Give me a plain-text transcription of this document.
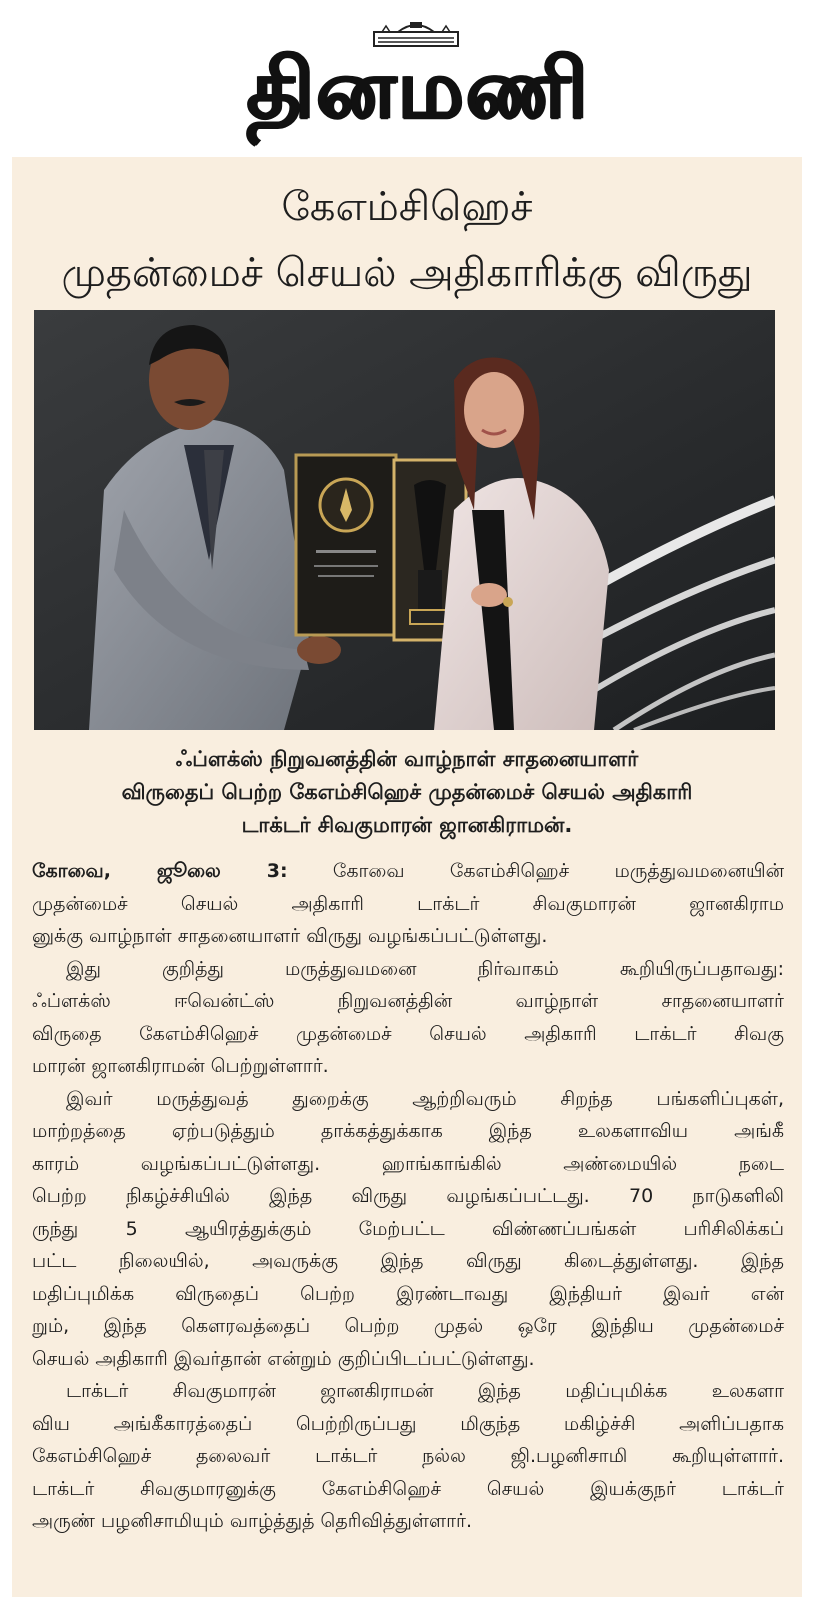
தினமணி
கேஎம்சிஹெச்
முதன்மைச் செயல் அதிகாரிக்கு விருது
ஃப்ளக்ஸ் நிறுவனத்தின் வாழ்நாள் சாதனையாளர்
விருதைப் பெற்ற கேஎம்சிஹெச் முதன்மைச் செயல் அதிகாரி
டாக்டர் சிவகுமாரன் ஜானகிராமன்.
கோவை, ஜூலை 3: கோவை கேஎம்சிஹெச் மருத்துவமனையின்
முதன்மைச் செயல் அதிகாரி டாக்டர் சிவகுமாரன் ஜானகிராம
னுக்கு வாழ்நாள் சாதனையாளர் விருது வழங்கப்பட்டுள்ளது.
இது குறித்து மருத்துவமனை நிர்வாகம் கூறியிருப்பதாவது:
ஃப்ளக்ஸ் ஈவென்ட்ஸ் நிறுவனத்தின் வாழ்நாள் சாதனையாளர்
விருதை கேஎம்சிஹெச் முதன்மைச் செயல் அதிகாரி டாக்டர் சிவகு
மாரன் ஜானகிராமன் பெற்றுள்ளார்.
இவர் மருத்துவத் துறைக்கு ஆற்றிவரும் சிறந்த பங்களிப்புகள்,
மாற்றத்தை ஏற்படுத்தும் தாக்கத்துக்காக இந்த உலகளாவிய அங்கீ
காரம் வழங்கப்பட்டுள்ளது. ஹாங்காங்கில் அண்மையில் நடை
பெற்ற நிகழ்ச்சியில் இந்த விருது வழங்கப்பட்டது. 70 நாடுகளிலி
ருந்து 5 ஆயிரத்துக்கும் மேற்பட்ட விண்ணப்பங்கள் பரிசிலிக்கப்
பட்ட நிலையில், அவருக்கு இந்த விருது கிடைத்துள்ளது. இந்த
மதிப்புமிக்க விருதைப் பெற்ற இரண்டாவது இந்தியர் இவர் என்
றும், இந்த கௌரவத்தைப் பெற்ற முதல் ஒரே இந்திய முதன்மைச்
செயல் அதிகாரி இவர்தான் என்றும் குறிப்பிடப்பட்டுள்ளது.
டாக்டர் சிவகுமாரன் ஜானகிராமன் இந்த மதிப்புமிக்க உலகளா
விய அங்கீகாரத்தைப் பெற்றிருப்பது மிகுந்த மகிழ்ச்சி அளிப்பதாக
கேஎம்சிஹெச் தலைவர் டாக்டர் நல்ல ஜி.பழனிசாமி கூறியுள்ளார்.
டாக்டர் சிவகுமாரனுக்கு கேஎம்சிஹெச் செயல் இயக்குநர் டாக்டர்
அருண் பழனிசாமியும் வாழ்த்துத் தெரிவித்துள்ளார்.
